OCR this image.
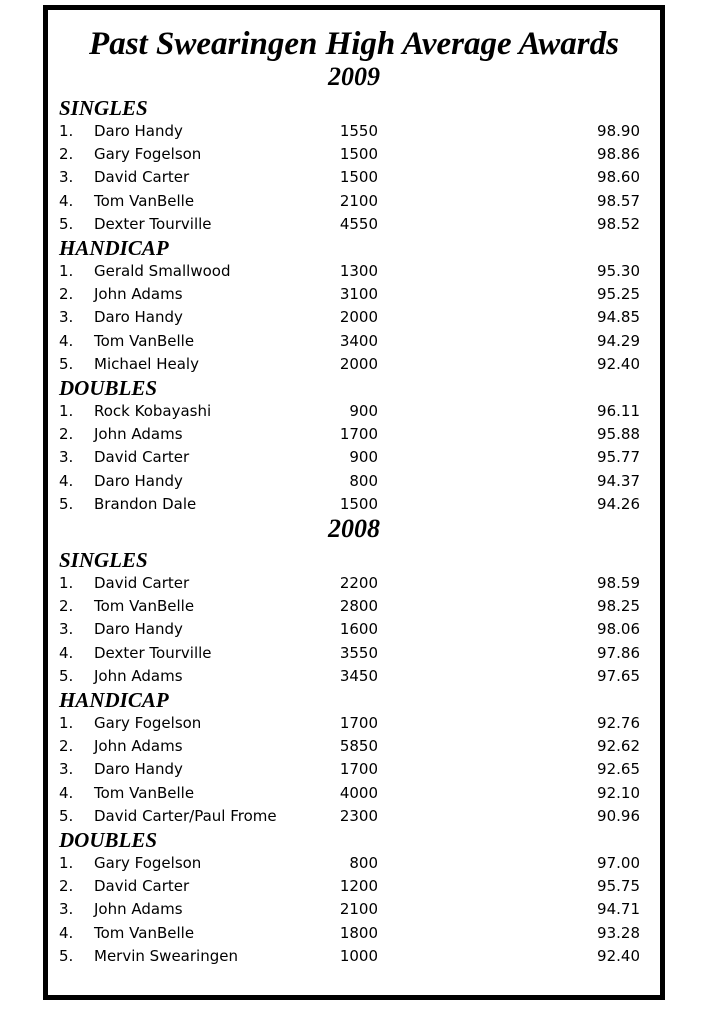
Past Swearingen High Average Awards
2009
SINGLES
1. Daro Handy	1550	98.90
2. Gary Fogelson	1500	98.86
3. David Carter	1500	98.60
4. Tom VanBelle	2100	98.57
5. Dexter Tourville	4550	98.52
HANDICAP
1. Gerald Smallwood	1300	95.30
2. John Adams	3100	95.25
3. Daro Handy	2000	94.85
4. Tom VanBelle	3400	94.29
5. Michael Healy	2000	92.40
DOUBLES
1. Rock Kobayashi	900	96.11
2. John Adams	1700	95.88
3. David Carter	900	95.77
4. Daro Handy	800	94.37
5. Brandon Dale	1500	94.26
2008
SINGLES
1. David Carter	2200	98.59
2. Tom VanBelle	2800	98.25
3. Daro Handy	1600	98.06
4. Dexter Tourville	3550	97.86
5. John Adams	3450	97.65
HANDICAP
1. Gary Fogelson	1700	92.76
2. John Adams	5850	92.62
3. Daro Handy	1700	92.65
4. Tom VanBelle	4000	92.10
5. David Carter/Paul Frome	2300	90.96
DOUBLES
1. Gary Fogelson	800	97.00
2. David Carter	1200	95.75
3. John Adams	2100	94.71
4. Tom VanBelle	1800	93.28
5. Mervin Swearingen	1000	92.40
